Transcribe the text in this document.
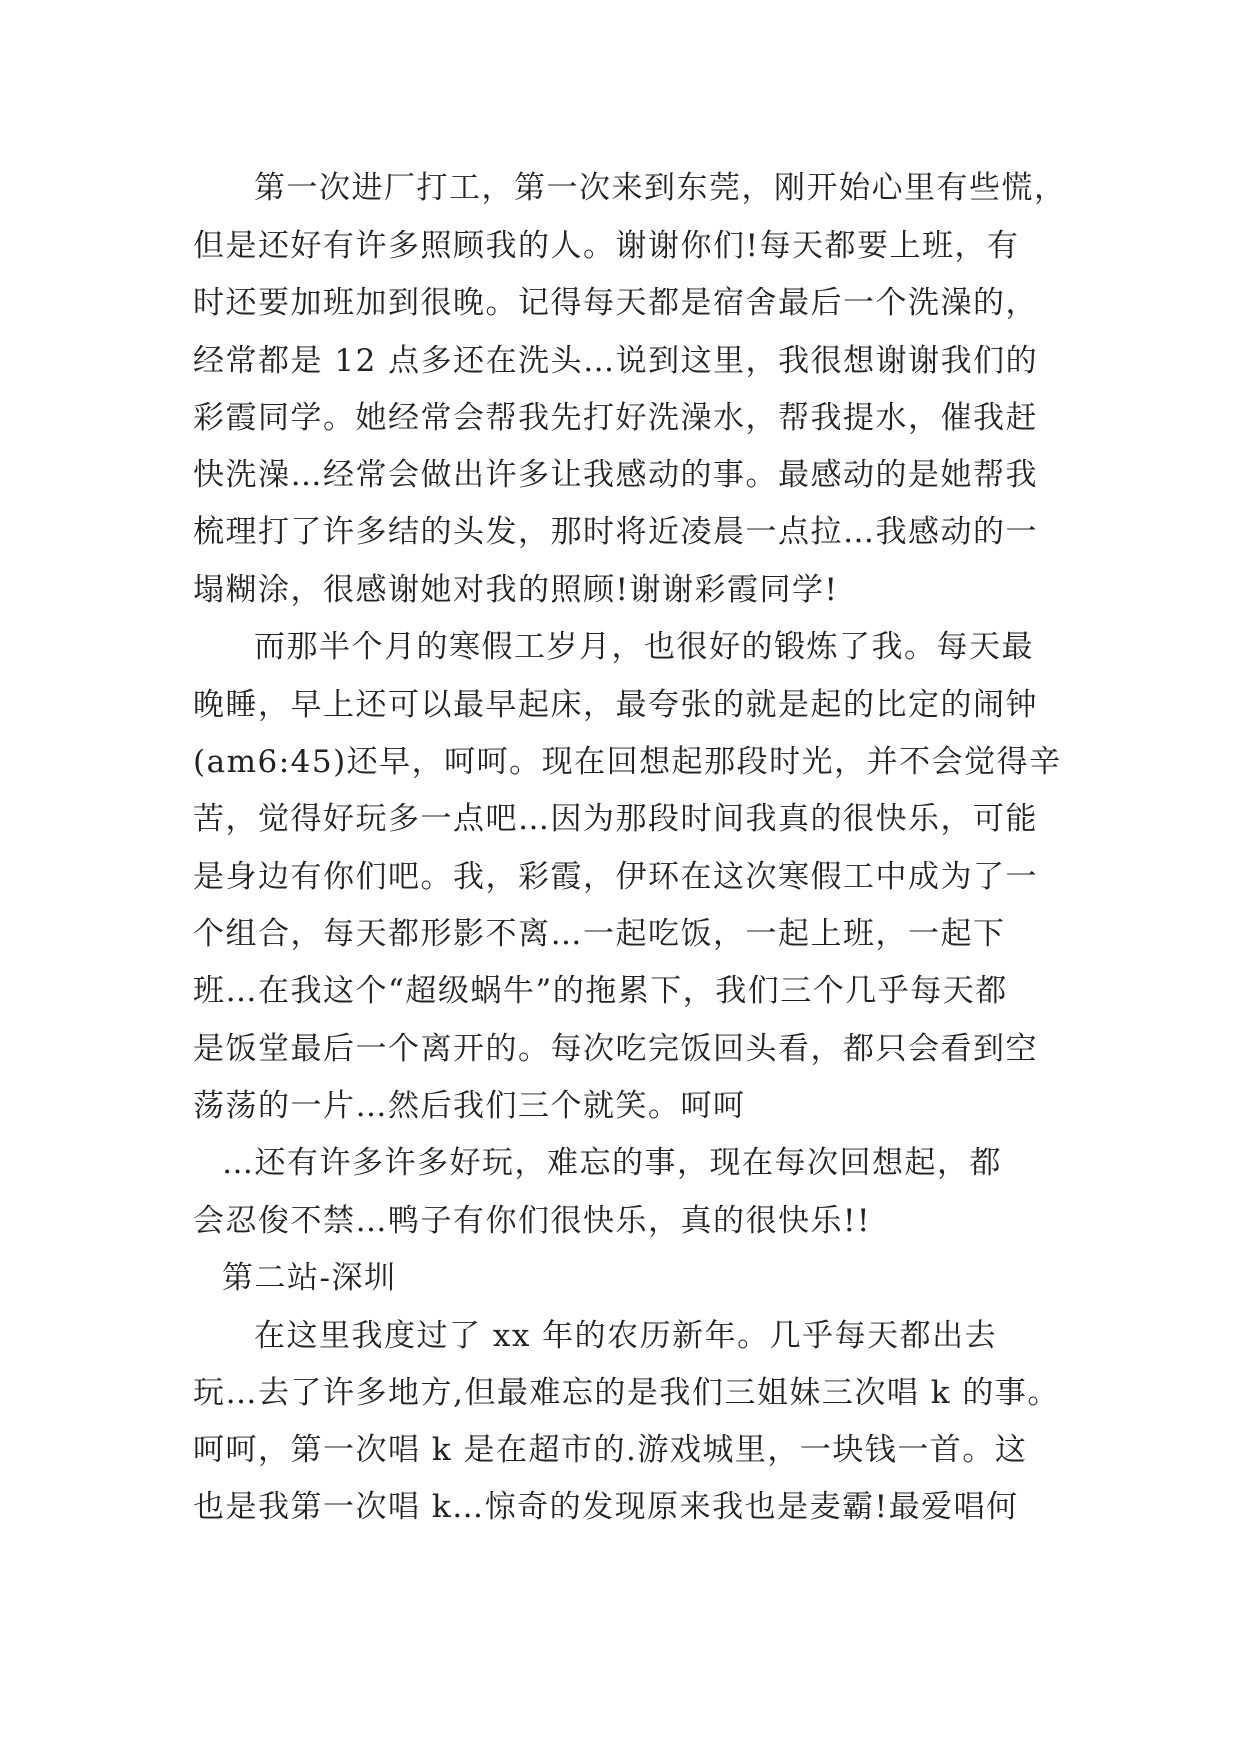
第一次进厂打工，第一次来到东莞，刚开始心里有些慌，
但是还好有许多照顾我的人。谢谢你们!每天都要上班，有
时还要加班加到很晚。记得每天都是宿舍最后一个洗澡的，
经常都是 12 点多还在洗头…说到这里，我很想谢谢我们的
彩霞同学。她经常会帮我先打好洗澡水，帮我提水，催我赶
快洗澡…经常会做出许多让我感动的事。最感动的是她帮我
梳理打了许多结的头发，那时将近凌晨一点拉…我感动的一
塌糊涂，很感谢她对我的照顾!谢谢彩霞同学!
而那半个月的寒假工岁月，也很好的锻炼了我。每天最
晚睡，早上还可以最早起床，最夸张的就是起的比定的闹钟
(am6:45)还早，呵呵。现在回想起那段时光，并不会觉得辛
苦，觉得好玩多一点吧…因为那段时间我真的很快乐，可能
是身边有你们吧。我，彩霞，伊环在这次寒假工中成为了一
个组合，每天都形影不离…一起吃饭，一起上班，一起下
班…在我这个“超级蜗牛”的拖累下，我们三个几乎每天都
是饭堂最后一个离开的。每次吃完饭回头看，都只会看到空
荡荡的一片…然后我们三个就笑。呵呵
…还有许多许多好玩，难忘的事，现在每次回想起，都
会忍俊不禁…鸭子有你们很快乐，真的很快乐!!
第二站-深圳
在这里我度过了 xx 年的农历新年。几乎每天都出去
玩…去了许多地方,但最难忘的是我们三姐妹三次唱 k 的事。
呵呵，第一次唱 k 是在超市的.游戏城里，一块钱一首。这
也是我第一次唱 k…惊奇的发现原来我也是麦霸!最爱唱何
